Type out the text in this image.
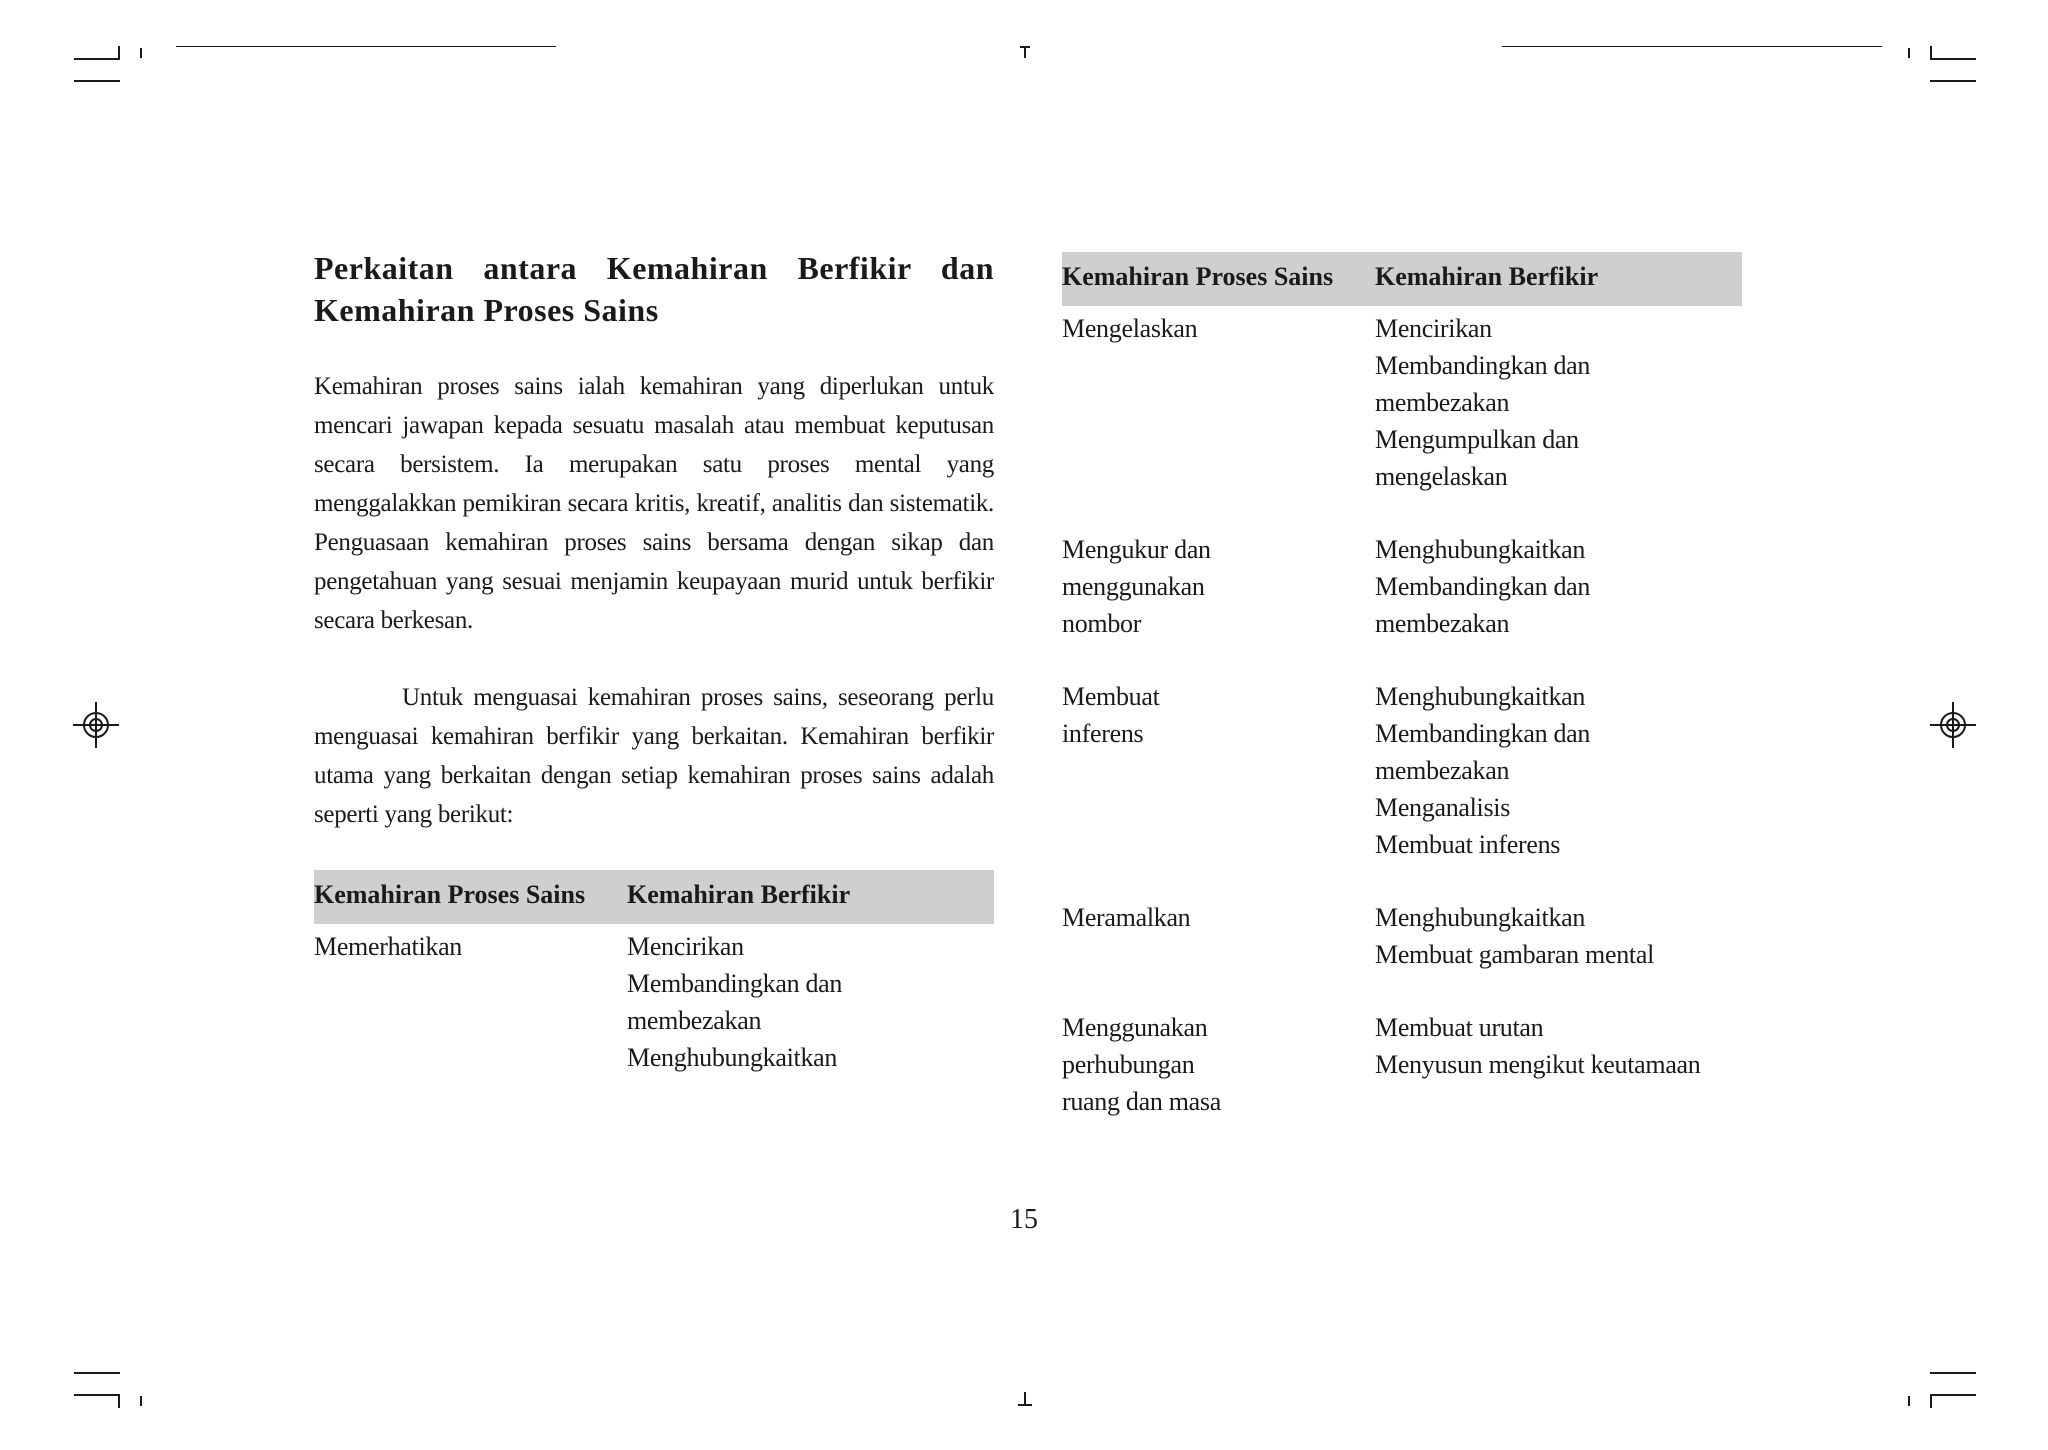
Perkaitan antara Kemahiran Berfikir dan Kemahiran Proses Sains

Kemahiran proses sains ialah kemahiran yang diperlukan untuk mencari jawapan kepada sesuatu masalah atau membuat keputusan secara bersistem. Ia merupakan satu proses mental yang menggalakkan pemikiran secara kritis, kreatif, analitis dan sistematik. Penguasaan kemahiran proses sains bersama dengan sikap dan pengetahuan yang sesuai menjamin keupayaan murid untuk berfikir secara berkesan.

Untuk menguasai kemahiran proses sains, seseorang perlu menguasai kemahiran berfikir yang berkaitan. Kemahiran berfikir utama yang berkaitan dengan setiap kemahiran proses sains adalah seperti yang berikut:

Kemahiran Proses Sains	Kemahiran Berfikir
Memerhatikan	Mencirikan
Membandingkan dan
membezakan
Menghubungkaitkan
Kemahiran Proses Sains	Kemahiran Berfikir

Mengelaskan	Mencirikan
Membandingkan dan
membezakan
Mengumpulkan dan
mengelaskan

Mengukur dan
menggunakan
nombor	Menghubungkaitkan
Membandingkan dan
membezakan

Membuat
inferens	Menghubungkaitkan
Membandingkan dan
membezakan
Menganalisis
Membuat inferens

Meramalkan	Menghubungkaitkan
Membuat gambaran mental

Menggunakan
perhubungan
ruang dan masa	Membuat urutan
Menyusun mengikut keutamaan
15
